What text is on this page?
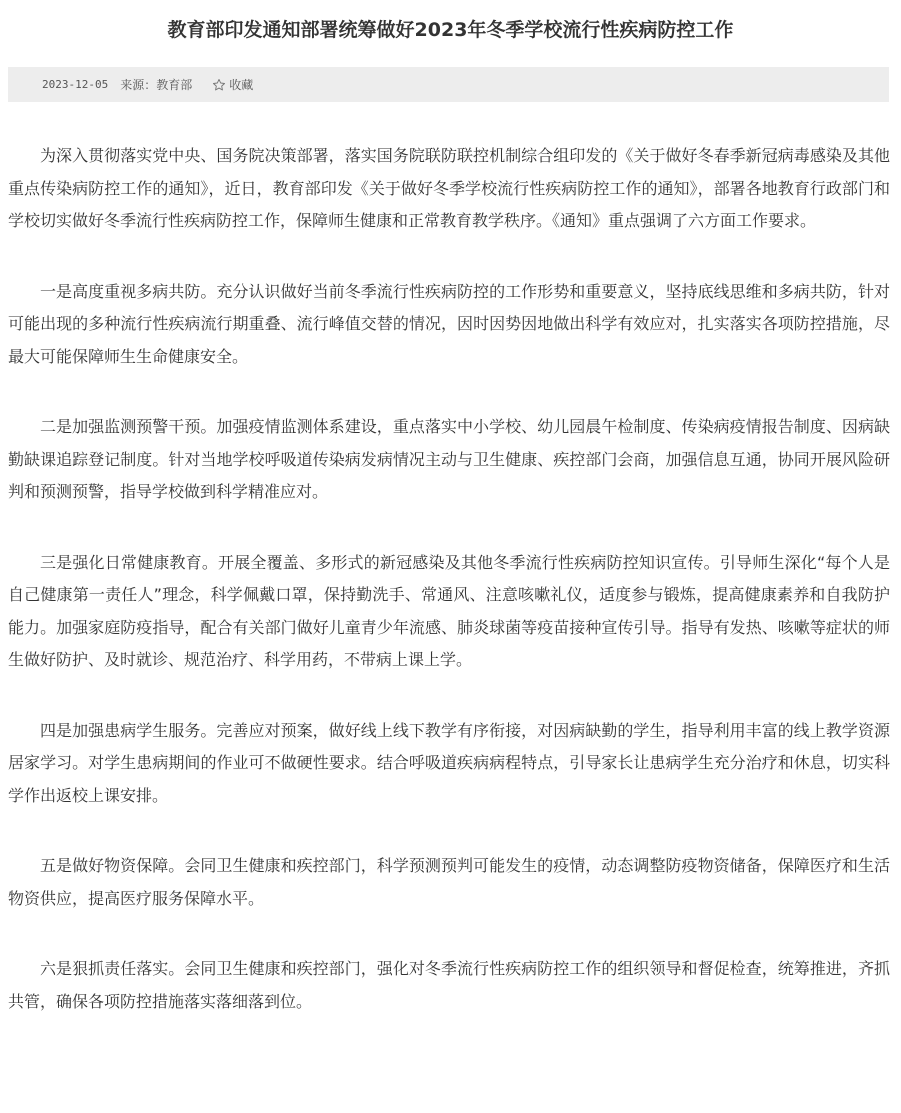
教育部印发通知部署统筹做好2023年冬季学校流行性疾病防控工作
2023-12-05 来源： 教育部	收藏

为深入贯彻落实党中央、国务院决策部署，落实国务院联防联控机制综合组印发的《关于做好冬春季新冠病毒感染及其他重点传染病防控工作的通知》，近日，教育部印发《关于做好冬季学校流行性疾病防控工作的通知》，部署各地教育行政部门和学校切实做好冬季流行性疾病防控工作，保障师生健康和正常教育教学秩序。《通知》重点强调了六方面工作要求。

一是高度重视多病共防。充分认识做好当前冬季流行性疾病防控的工作形势和重要意义，坚持底线思维和多病共防，针对可能出现的多种流行性疾病流行期重叠、流行峰值交替的情况，因时因势因地做出科学有效应对，扎实落实各项防控措施，尽最大可能保障师生生命健康安全。

二是加强监测预警干预。加强疫情监测体系建设，重点落实中小学校、幼儿园晨午检制度、传染病疫情报告制度、因病缺勤缺课追踪登记制度。针对当地学校呼吸道传染病发病情况主动与卫生健康、疾控部门会商，加强信息互通，协同开展风险研判和预测预警，指导学校做到科学精准应对。

三是强化日常健康教育。开展全覆盖、多形式的新冠感染及其他冬季流行性疾病防控知识宣传。引导师生深化“每个人是自己健康第一责任人”理念，科学佩戴口罩，保持勤洗手、常通风、注意咳嗽礼仪，适度参与锻炼，提高健康素养和自我防护能力。加强家庭防疫指导，配合有关部门做好儿童青少年流感、肺炎球菌等疫苗接种宣传引导。指导有发热、咳嗽等症状的师生做好防护、及时就诊、规范治疗、科学用药，不带病上课上学。

四是加强患病学生服务。完善应对预案，做好线上线下教学有序衔接，对因病缺勤的学生，指导利用丰富的线上教学资源居家学习。对学生患病期间的作业可不做硬性要求。结合呼吸道疾病病程特点，引导家长让患病学生充分治疗和休息，切实科学作出返校上课安排。

五是做好物资保障。会同卫生健康和疾控部门，科学预测预判可能发生的疫情，动态调整防疫物资储备，保障医疗和生活物资供应，提高医疗服务保障水平。

六是狠抓责任落实。会同卫生健康和疾控部门，强化对冬季流行性疾病防控工作的组织领导和督促检查，统筹推进，齐抓共管，确保各项防控措施落实落细落到位。
